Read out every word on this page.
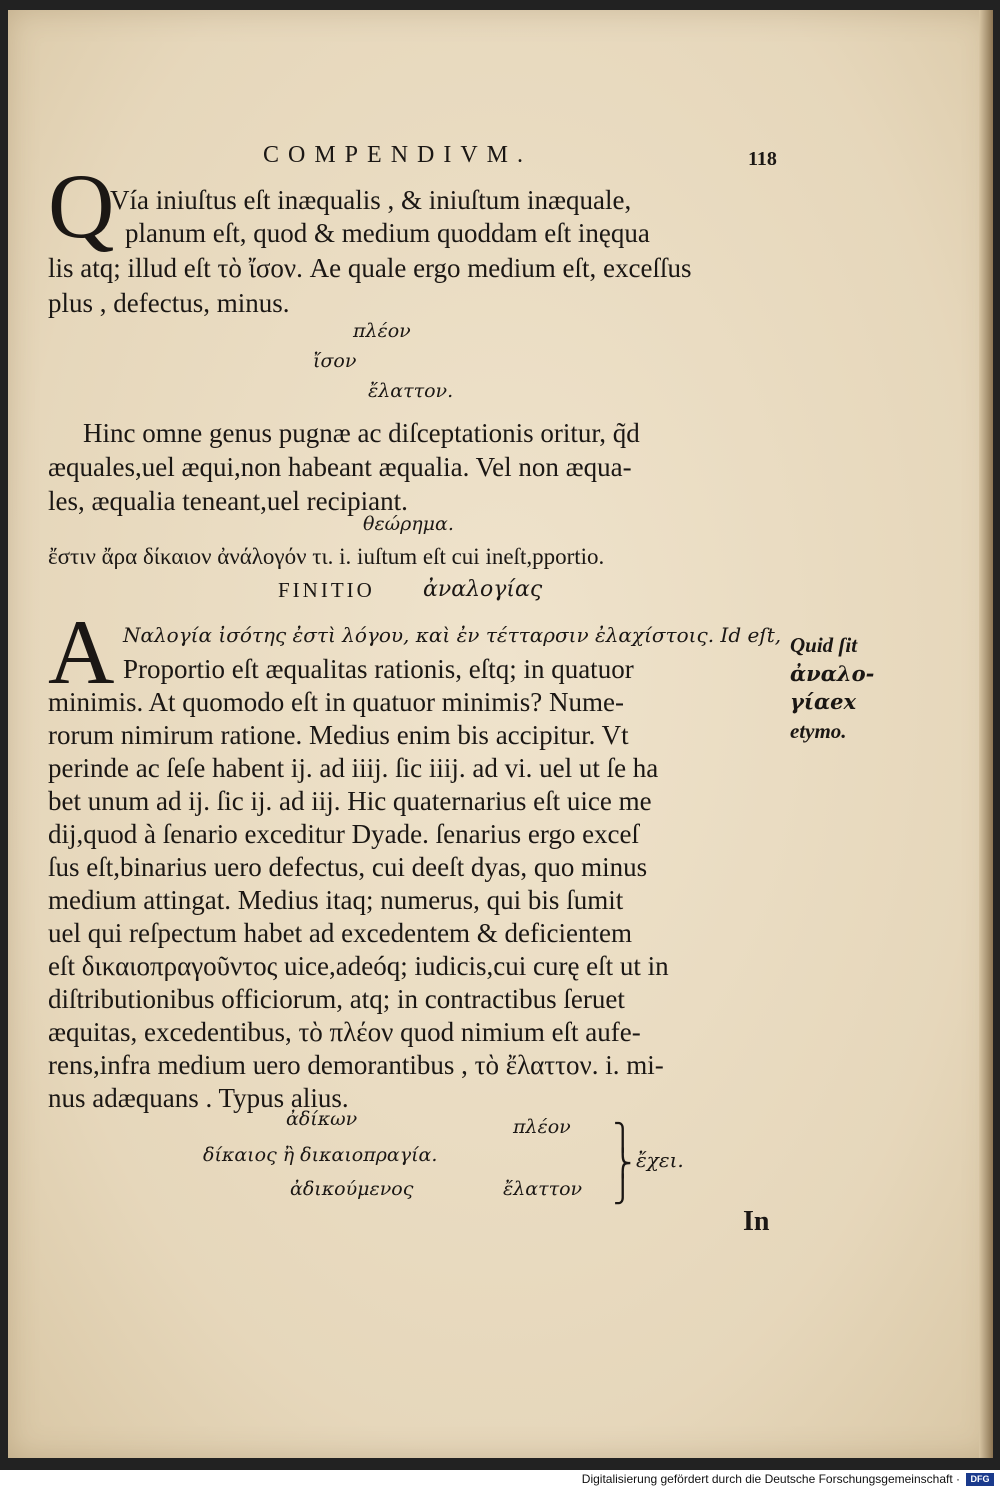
COMPENDIVM.	118
Q
Vía iniuſtus eſt inæqualis , & iniuſtum inæquale,
planum eſt, quod & medium quoddam eſt inęqua
lis atq; illud eſt τὸ ἴσον. Ae quale ergo medium eſt, exceſſus
plus , defectus, minus.
πλέον
ἴσον
ἔλαττον.
Hinc omne genus pugnæ ac diſceptationis oritur, q̃d
æquales,uel æqui,non habeant æqualia. Vel non æqua-
les, æqualia teneant,uel recipiant.
θεώρημα.
ἔστιν ἄρα δίκαιον ἀνάλογόν τι. i. iuſtum eſt cui ineſt,pportio.
FINITIO ἀναλογίας
A Ναλογία ἰσότης ἐστὶ λόγου, καὶ ἐν τέτταρσιν ἐλαχίστοις. Id eſt,
Proportio eſt æqualitas rationis, eſtq; in quatuor
minimis. At quomodo eſt in quatuor minimis? Nume-
rorum nimirum ratione. Medius enim bis accipitur. Vt
perinde ac ſeſe habent ij. ad iiij. ſic iiij. ad vi. uel ut ſe ha
bet unum ad ij. ſic ij. ad iij. Hic quaternarius eſt uice me
dij,quod à ſenario exceditur Dyade. ſenarius ergo exceſ
ſus eſt,binarius uero defectus, cui deeſt dyas, quo minus
medium attingat. Medius itaq; numerus, qui bis ſumit
uel qui reſpectum habet ad excedentem & deficientem
eſt δικαιοπραγοῦντος uice,adeóq; iudicis,cui curę eſt ut in
diſtributionibus officiorum, atq; in contractibus ſeruet
æquitas, excedentibus, τὸ πλέον quod nimium eſt aufe-
rens,infra medium uero demorantibus , τὸ ἔλαττον. i. mi-
nus adæquans . Typus alius.
Quid ſit
ἀναλο-
γίαex
etymo.
ἀδίκων
δίκαιος ἢ δικαιοπραγία.
ἀδικούμενος
πλέον
ἔλαττον
⎫
⎬
⎭
ἔχει.
In
Digitalisierung gefördert durch die Deutsche Forschungsgemeinschaft ·	DFG
